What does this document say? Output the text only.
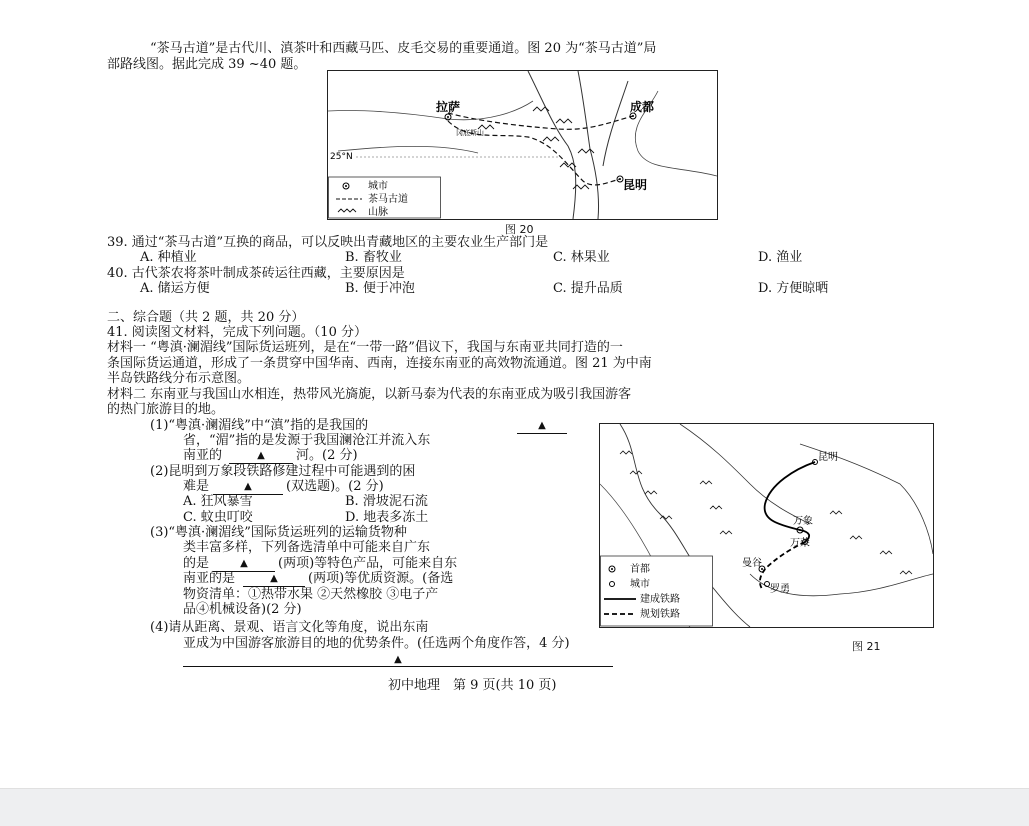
“茶马古道”是古代川、滇茶叶和西藏马匹、皮毛交易的重要通道。图 20 为“茶马古道”局
部路线图。据此完成 39 ~40 题。
拉萨	成都
昆明
25°N
冈底斯山
城市
茶马古道
山脉
图 20
39. 通过“茶马古道”互换的商品，可以反映出青藏地区的主要农业生产部门是
A. 种植业	B. 畜牧业	C. 林果业	D. 渔业
40. 古代茶农将茶叶制成茶砖运往西藏，主要原因是
A. 储运方便	B. 便于冲泡	C. 提升品质	D. 方便晾晒
二、综合题（共 2 题，共 20 分）
41. 阅读图文材料，完成下列问题。（10 分）
材料一 “粤滇·澜湄线”国际货运班列，是在“一带一路”倡议下，我国与东南亚共同打造的一
条国际货运通道，形成了一条贯穿中国华南、西南，连接东南亚的高效物流通道。图 21 为中南
半岛铁路线分布示意图。
材料二 东南亚与我国山水相连，热带风光旖旎，以新马泰为代表的东南亚成为吸引我国游客
的热门旅游目的地。
(1)“粤滇·澜湄线”中“滇”指的是我国的	▲
省，“湄”指的是发源于我国澜沧江并流入东
南亚的	▲	河。(2 分)
(2)昆明到万象段铁路修建过程中可能遇到的困
难是	▲	(双选题)。(2 分)
A. 狂风暴雪	B. 滑坡泥石流
C. 蚊虫叮咬	D. 地表多冻土
(3)“粤滇·澜湄线”国际货运班列的运输货物种
类丰富多样，下列备选清单中可能来自广东
的是	▲	(两项)等特色产品，可能来自东
南亚的是	▲	(两项)等优质资源。(备选
物资清单：①热带水果 ②天然橡胶 ③电子产
品④机械设备)(2 分)
(4)请从距离、景观、语言文化等角度，说出东南
亚成为中国游客旅游目的地的优势条件。(任选两个角度作答，4 分)
▲
昆明
万象
万荣
曼谷
罗勇
首都
城市
建成铁路
规划铁路
图 21
初中地理　第 9 页(共 10 页)
